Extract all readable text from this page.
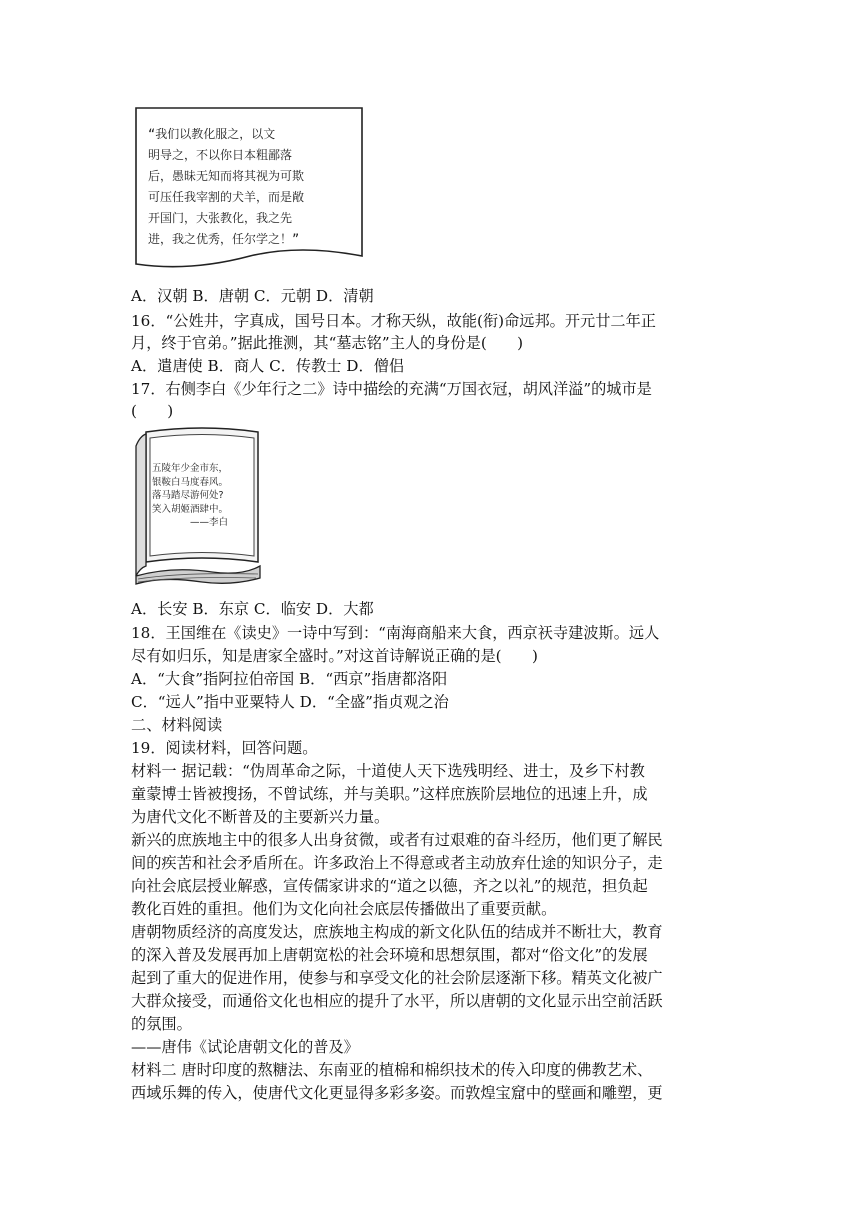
“我们以教化服之，以文
明导之，不以你日本粗鄙落
后，愚昧无知而将其视为可欺
可压任我宰割的犬羊，而是敞
开国门，大张教化，我之先
进，我之优秀，任尔学之！”
A．汉朝 B．唐朝 C．元朝 D．清朝
16．“公姓井，字真成，国号日本。才称天纵，故能(衔)命远邦。开元廿二年正
月，终于官弟。”据此推测，其“墓志铭”主人的身份是(　　)
A．遣唐使 B．商人 C．传教士 D．僧侣
17．右侧李白《少年行之二》诗中描绘的充满“万国衣冠，胡风洋溢”的城市是
(　　)
五陵年少金市东，
银鞍白马度春风。
落马踏尽游何处?
笑入胡姬酒肆中。
——李白
A．长安 B．东京 C．临安 D．大都
18．王国维在《读史》一诗中写到：“南海商船来大食，西京祆寺建波斯。远人
尽有如归乐，知是唐家全盛时。”对这首诗解说正确的是(　　)
A．“大食”指阿拉伯帝国 B．“西京”指唐都洛阳
C．“远人”指中亚粟特人 D．“全盛”指贞观之治
二、材料阅读
19．阅读材料，回答问题。
材料一 据记载：“伪周革命之际，十道使人天下选残明经、进士，及乡下村教
童蒙博士皆被搜扬，不曾试练，并与美职。”这样庶族阶层地位的迅速上升，成
为唐代文化不断普及的主要新兴力量。
新兴的庶族地主中的很多人出身贫微，或者有过艰难的奋斗经历，他们更了解民
间的疾苦和社会矛盾所在。许多政治上不得意或者主动放弃仕途的知识分子，走
向社会底层授业解惑，宣传儒家讲求的“道之以德，齐之以礼”的规范，担负起
教化百姓的重担。他们为文化向社会底层传播做出了重要贡献。
唐朝物质经济的高度发达，庶族地主构成的新文化队伍的结成并不断壮大，教育
的深入普及发展再加上唐朝宽松的社会环境和思想氛围，都对“俗文化”的发展
起到了重大的促进作用，使参与和享受文化的社会阶层逐渐下移。精英文化被广
大群众接受，而通俗文化也相应的提升了水平，所以唐朝的文化显示出空前活跃
的氛围。
——唐伟《试论唐朝文化的普及》
材料二 唐时印度的熬糖法、东南亚的植棉和棉织技术的传入印度的佛教艺术、
西域乐舞的传入，使唐代文化更显得多彩多姿。而敦煌宝窟中的壁画和雕塑，更
